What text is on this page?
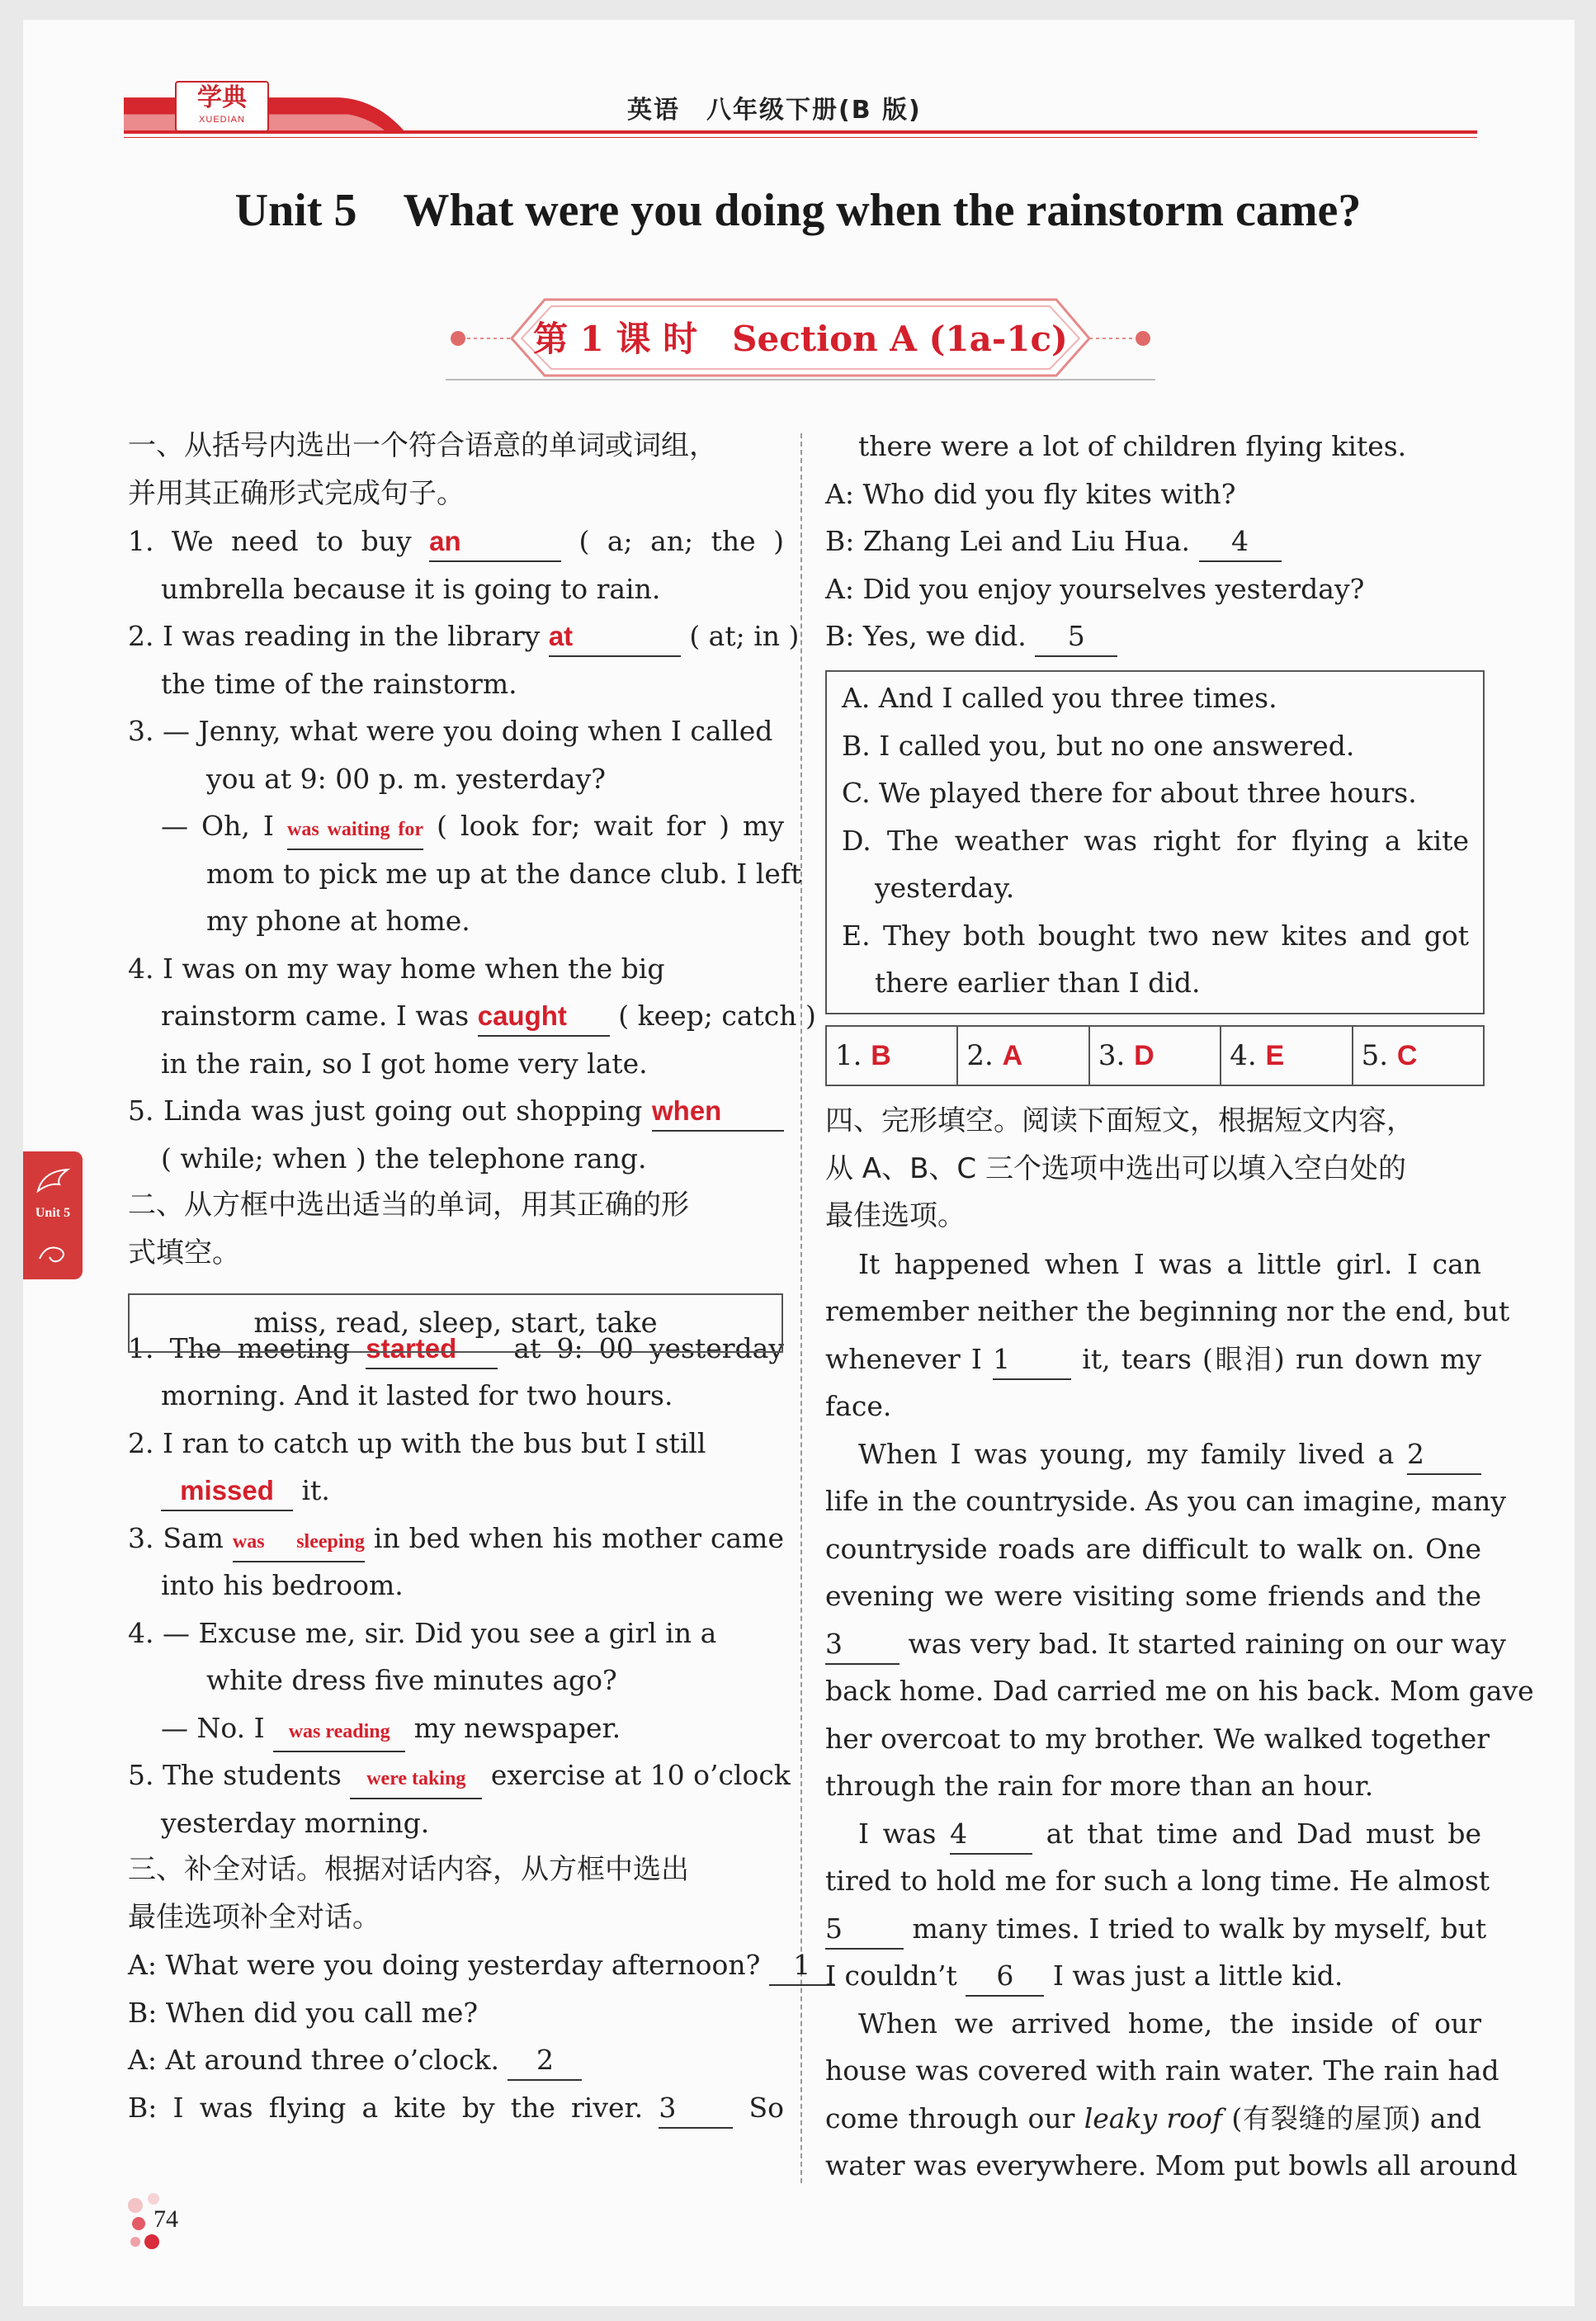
学典
XUEDIAN	英语　八年级下册(B 版)
Unit 5　What were you doing when the rainstorm came?
第 1 课 时　Section A (1a-1c)
一、从括号内选出一个符合语意的单词或词组，
并用其正确形式完成句子。
1. We need to buy an	( a; an; the )
umbrella because it is going to rain.
2. I was reading in the library at	( at; in )
the time of the rainstorm.
3. — Jenny, what were you doing when I called
you at 9: 00 p. m. yesterday?
— Oh, I was waiting for ( look for; wait for ) my
mom to pick me up at the dance club. I left
my phone at home.
4. I was on my way home when the big
rainstorm came. I was caught ( keep; catch )
in the rain, so I got home very late.
5. Linda was just going out shopping when
( while; when ) the telephone rang.
二、从方框中选出适当的单词，用其正确的形
式填空。
1. The meeting started at 9: 00 yesterday
morning. And it lasted for two hours.
2. I ran to catch up with the bus but I still
missed it.
3. Sam was sleeping in bed when his mother came
into his bedroom.
4. — Excuse me, sir. Did you see a girl in a
white dress five minutes ago?
— No. I was reading my newspaper.
5. The students were taking exercise at 10 o’clock
yesterday morning.
三、补全对话。根据对话内容，从方框中选出
最佳选项补全对话。
A: What were you doing yesterday afternoon? 1
B: When did you call me?
A: At around three o’clock. 2
B: I was flying a kite by the river. 3	So
miss, read, sleep, start, take
there were a lot of children flying kites.
A: Who did you fly kites with?
B: Zhang Lei and Liu Hua. 4
A: Did you enjoy yourselves yesterday?
B: Yes, we did. 5
A. And I called you three times.
B. I called you, but no one answered.
C. We played there for about three hours.
D. The weather was right for flying a kite
yesterday.
E. They both bought two new kites and got
there earlier than I did.
1. B	2. A	3. D	4. E	5. C
四、完形填空。阅读下面短文，根据短文内容，
从 A、B、C 三个选项中选出可以填入空白处的
最佳选项。
It happened when I was a little girl. I can
remember neither the beginning nor the end, but
whenever I 1	it, tears (眼泪) run down my
face.
When I was young, my family lived a 2
life in the countryside. As you can imagine, many
countryside roads are difficult to walk on. One
evening we were visiting some friends and the
3 was very bad. It started raining on our way
back home. Dad carried me on his back. Mom gave
her overcoat to my brother. We walked together
through the rain for more than an hour.
I was 4	at that time and Dad must be
tired to hold me for such a long time. He almost
5	many times. I tried to walk by myself, but
I couldn’t 6 I was just a little kid.
When we arrived home, the inside of our
house was covered with rain water. The rain had
come through our leaky roof (有裂缝的屋顶) and
water was everywhere. Mom put bowls all around
Unit 5
74
